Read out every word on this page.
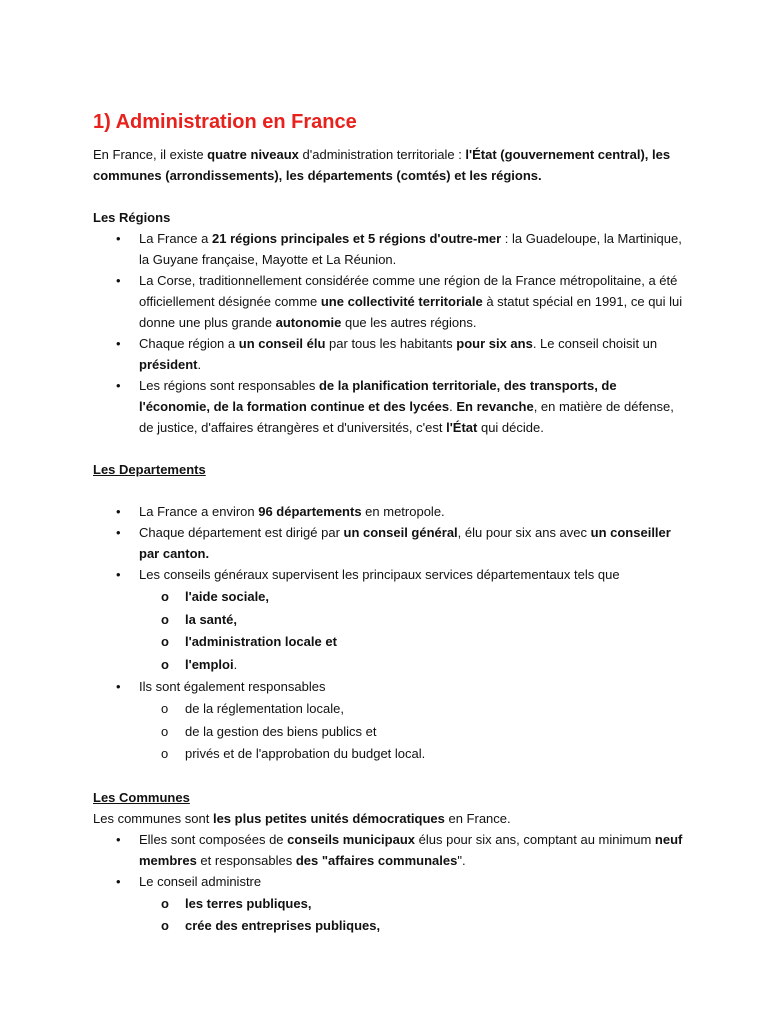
1) Administration en France

En France, il existe quatre niveaux d'administration territoriale : l'État (gouvernement central), les communes (arrondissements), les départements (comtés) et les régions.

Les Régions

• La France a 21 régions principales et 5 régions d'outre-mer : la Guadeloupe, la Martinique, la Guyane française, Mayotte et La Réunion.
• La Corse, traditionnellement considérée comme une région de la France métropolitaine, a été officiellement désignée comme une collectivité territoriale à statut spécial en 1991, ce qui lui donne une plus grande autonomie que les autres régions.
• Chaque région a un conseil élu par tous les habitants pour six ans. Le conseil choisit un président.
• Les régions sont responsables de la planification territoriale, des transports, de l'économie, de la formation continue et des lycées. En revanche, en matière de défense, de justice, d'affaires étrangères et d'universités, c'est l'État qui décide.

Les Departements

• La France a environ 96 départements en metropole.
• Chaque département est dirigé par un conseil général, élu pour six ans avec un conseiller par canton.
• Les conseils généraux supervisent les principaux services départementaux tels que
o l'aide sociale,
o la santé,
o l'administration locale et
o l'emploi.
• Ils sont également responsables
o de la réglementation locale,
o de la gestion des biens publics et
o privés et de l'approbation du budget local.

Les Communes

Les communes sont les plus petites unités démocratiques en France.

• Elles sont composées de conseils municipaux élus pour six ans, comptant au minimum neuf membres et responsables des "affaires communales".
• Le conseil administre
o les terres publiques,
o crée des entreprises publiques,
